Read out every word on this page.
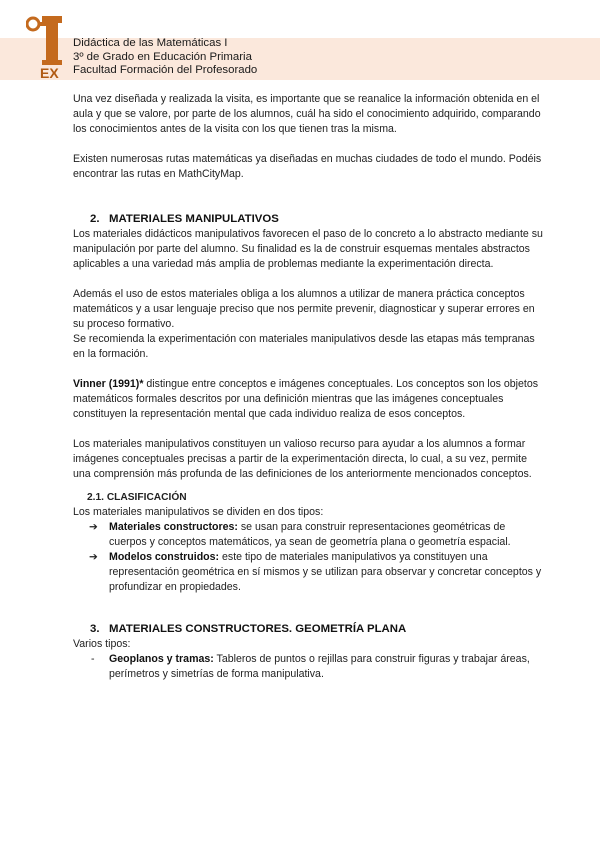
EX
Didáctica de las Matemáticas I
3º de Grado en Educación Primaria
Facultad Formación del Profesorado

Una vez diseñada y realizada la visita, es importante que se reanalice la información obtenida en el aula y que se valore, por parte de los alumnos, cuál ha sido el conocimiento adquirido, comparando los conocimientos antes de la visita con los que tienen tras la misma.

Existen numerosas rutas matemáticas ya diseñadas en muchas ciudades de todo el mundo. Podéis encontrar las rutas en MathCityMap.

2. MATERIALES MANIPULATIVOS

Los materiales didácticos manipulativos favorecen el paso de lo concreto a lo abstracto mediante su manipulación por parte del alumno. Su finalidad es la de construir esquemas mentales abstractos aplicables a una variedad más amplia de problemas mediante la experimentación directa.

Además el uso de estos materiales obliga a los alumnos a utilizar de manera práctica conceptos matemáticos y a usar lenguaje preciso que nos permite prevenir, diagnosticar y superar errores en su proceso formativo.

Se recomienda la experimentación con materiales manipulativos desde las etapas más tempranas en la formación.

Vinner (1991)* distingue entre conceptos e imágenes conceptuales. Los conceptos son los objetos matemáticos formales descritos por una definición mientras que las imágenes conceptuales constituyen la representación mental que cada individuo realiza de esos conceptos.

Los materiales manipulativos constituyen un valioso recurso para ayudar a los alumnos a formar imágenes conceptuales precisas a partir de la experimentación directa, lo cual, a su vez, permite una comprensión más profunda de las definiciones de los anteriormente mencionados conceptos.

2.1. CLASIFICACIÓN

Los materiales manipulativos se dividen en dos tipos:

➔ Materiales constructores: se usan para construir representaciones geométricas de cuerpos y conceptos matemáticos, ya sean de geometría plana o geometría espacial.
➔ Modelos construidos: este tipo de materiales manipulativos ya constituyen una representación geométrica en sí mismos y se utilizan para observar y concretar conceptos y profundizar en propiedades.

3. MATERIALES CONSTRUCTORES. GEOMETRÍA PLANA

Varios tipos:

- Geoplanos y tramas: Tableros de puntos o rejillas para construir figuras y trabajar áreas, perímetros y simetrías de forma manipulativa.
